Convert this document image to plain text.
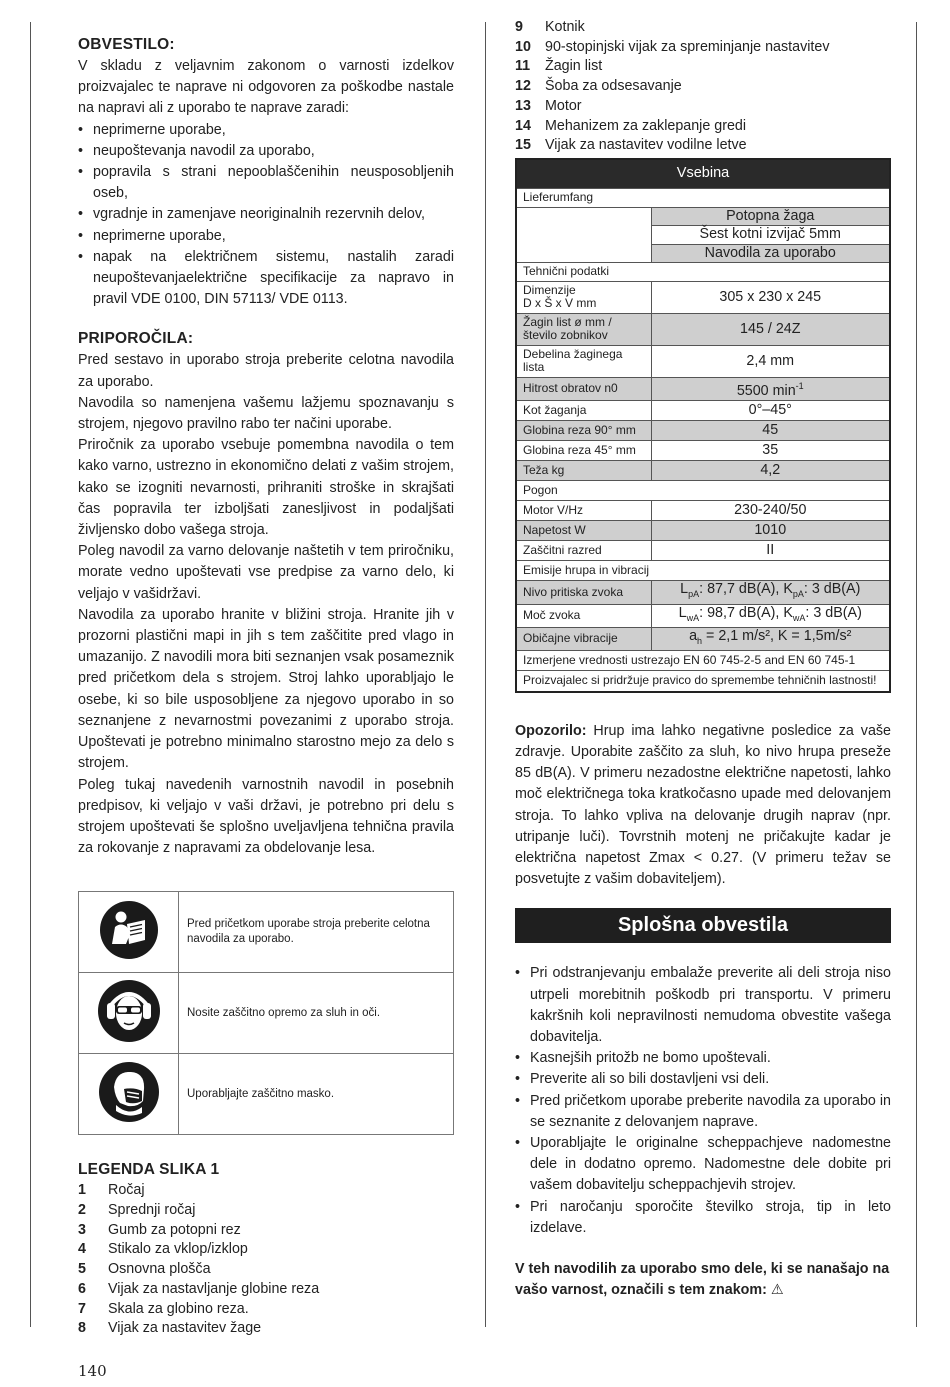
OBVESTILO:

V skladu z veljavnim zakonom o varnosti izdelkov proizvajalec te naprave ni odgovoren za poškodbe nastale na napravi ali z uporabo te naprave zaradi:

• neprimerne uporabe,
• neupoštevanja navodil za uporabo,
• popravila s strani nepooblaščenihin neusposobljenih oseb,
• vgradnje in zamenjave neoriginalnih rezervnih delov,
• neprimerne uporabe,
• napak na električnem sistemu, nastalih zaradi neupoštevanjaelektrične specifikacije za napravo in pravil VDE 0100, DIN 57113/ VDE 0113.
PRIPOROČILA:

Pred sestavo in uporabo stroja preberite celotna navodila za uporabo.

Navodila so namenjena vašemu lažjemu spoznavanju s strojem, njegovo pravilno rabo ter načini uporabe.

Priročnik za uporabo vsebuje pomembna navodila o tem kako varno, ustrezno in ekonomično delati z vašim strojem, kako se izogniti nevarnosti, prihraniti stroške in skrajšati čas popravila ter izboljšati zanesljivost in podaljšati življensko dobo vašega stroja.

Poleg navodil za varno delovanje naštetih v tem priročniku, morate vedno upoštevati vse predpise za varno delo, ki veljajo v vašidržavi.

Navodila za uporabo hranite v bližini stroja. Hranite jih v prozorni plastični mapi in jih s tem zaščitite pred vlago in umazanijo. Z navodili mora biti seznanjen vsak posameznik pred pričetkom dela s strojem. Stroj lahko uporabljajo le osebe, ki so bile usposobljene za njegovo uporabo in so seznanjene z nevarnostmi povezanimi z uporabo stroja. Upoštevati je potrebno minimalno starostno mejo za delo s strojem.

Poleg tukaj navedenih varnostnih navodil in posebnih predpisov, ki veljajo v vaši državi, je potrebno pri delu s strojem upoštevati še splošno uveljavljena tehnična pravila za rokovanje z napravami za obdelovanje lesa.

	Pred pričetkom uporabe stroja preberite celotna navodila za uporabo.
	Nosite zaščitno opremo za sluh in oči.
	Uporabljajte zaščitno masko.
LEGENDA SLIKA 1
1	Ročaj
2	Sprednji ročaj
3	Gumb za potopni rez
4	Stikalo za vklop/izklop
5	Osnovna plošča
6	Vijak za nastavljanje globine reza
7	Skala za globino reza.
8	Vijak za nastavitev žage
9	Kotnik
10 90-stopinjski vijak za spreminjanje nastavitev
11	Žagin list
12 Šoba za odsesavanje
13 Motor
14 Mehanizem za zaklepanje gredi
15 Vijak za nastavitev vodilne letve
Vsebina	
Lieferumfang	
	Potopna žaga
	Šest kotni izvijač 5mm
	Navodila za uporabo
Tehnični podatki	
Dimenzije
D x Š x V mm	305 x 230 x 245
Žagin list ø mm /
število zobnikov	145 / 24Z
Debelina žaginega
lista	2,4 mm
Hitrost obratov n0	5500 $\min^{-1}$
Kot žaganja	0°–45°
Globina reza 90° mm	45
Globina reza 45° mm	35
Teža kg	4,2
Pogon	
Motor V/Hz	230-240/50
Napetost W	1010
Zaščitni razred	II
Emisije hrupa in vibracij	
Nivo pritiska zvoka	$L_{pA}$: 87,7 dB(A), $K_{pA}$: 3 dB(A)
Moč zvoka	$L_{wA}$: 98,7 dB(A), $K_{wA}$: 3 dB(A)
Običajne vibracije	$a_h = 2,1$ m/s², K = 1,5m/s²
Izmerjene vrednosti ustrezajo EN 60 745-2-5 and EN 60 745-1	
Proizvajalec si pridržuje pravico do spremembe tehničnih lastnosti!	

Opozorilo: Hrup ima lahko negativne posledice za vaše zdravje. Uporabite zaščito za sluh, ko nivo hrupa preseže 85 dB(A). V primeru nezadostne električne napetosti, lahko moč električnega toka kratkočasno upade med delovanjem stroja. To lahko vpliva na delovanje drugih naprav (npr. utripanje luči). Tovrstnih motenj ne pričakujte kadar je električna napetost Zmax < 0.27. (V primeru težav se posvetujte z vašim dobaviteljem).

Splošna obvestila
• Pri odstranjevanju embalaže preverite ali deli stroja niso utrpeli morebitnih poškodb pri transportu. V primeru kakršnih koli nepravilnosti nemudoma obvestite vašega dobavitelja.
• Kasnejših pritožb ne bomo upoštevali.
• Preverite ali so bili dostavljeni vsi deli.
• Pred pričetkom uporabe preberite navodila za uporabo in se seznanite z delovanjem naprave.
• Uporabljajte le originalne scheppachjeve nadomestne dele in dodatno opremo. Nadomestne dele dobite pri vašem dobavitelju scheppachjevih strojev.
• Pri naročanju sporočite številko stroja, tip in leto izdelave.

V teh navodilih za uporabo smo dele, ki se nanašajo na vašo varnost, označili s tem znakom: ⚠

140
